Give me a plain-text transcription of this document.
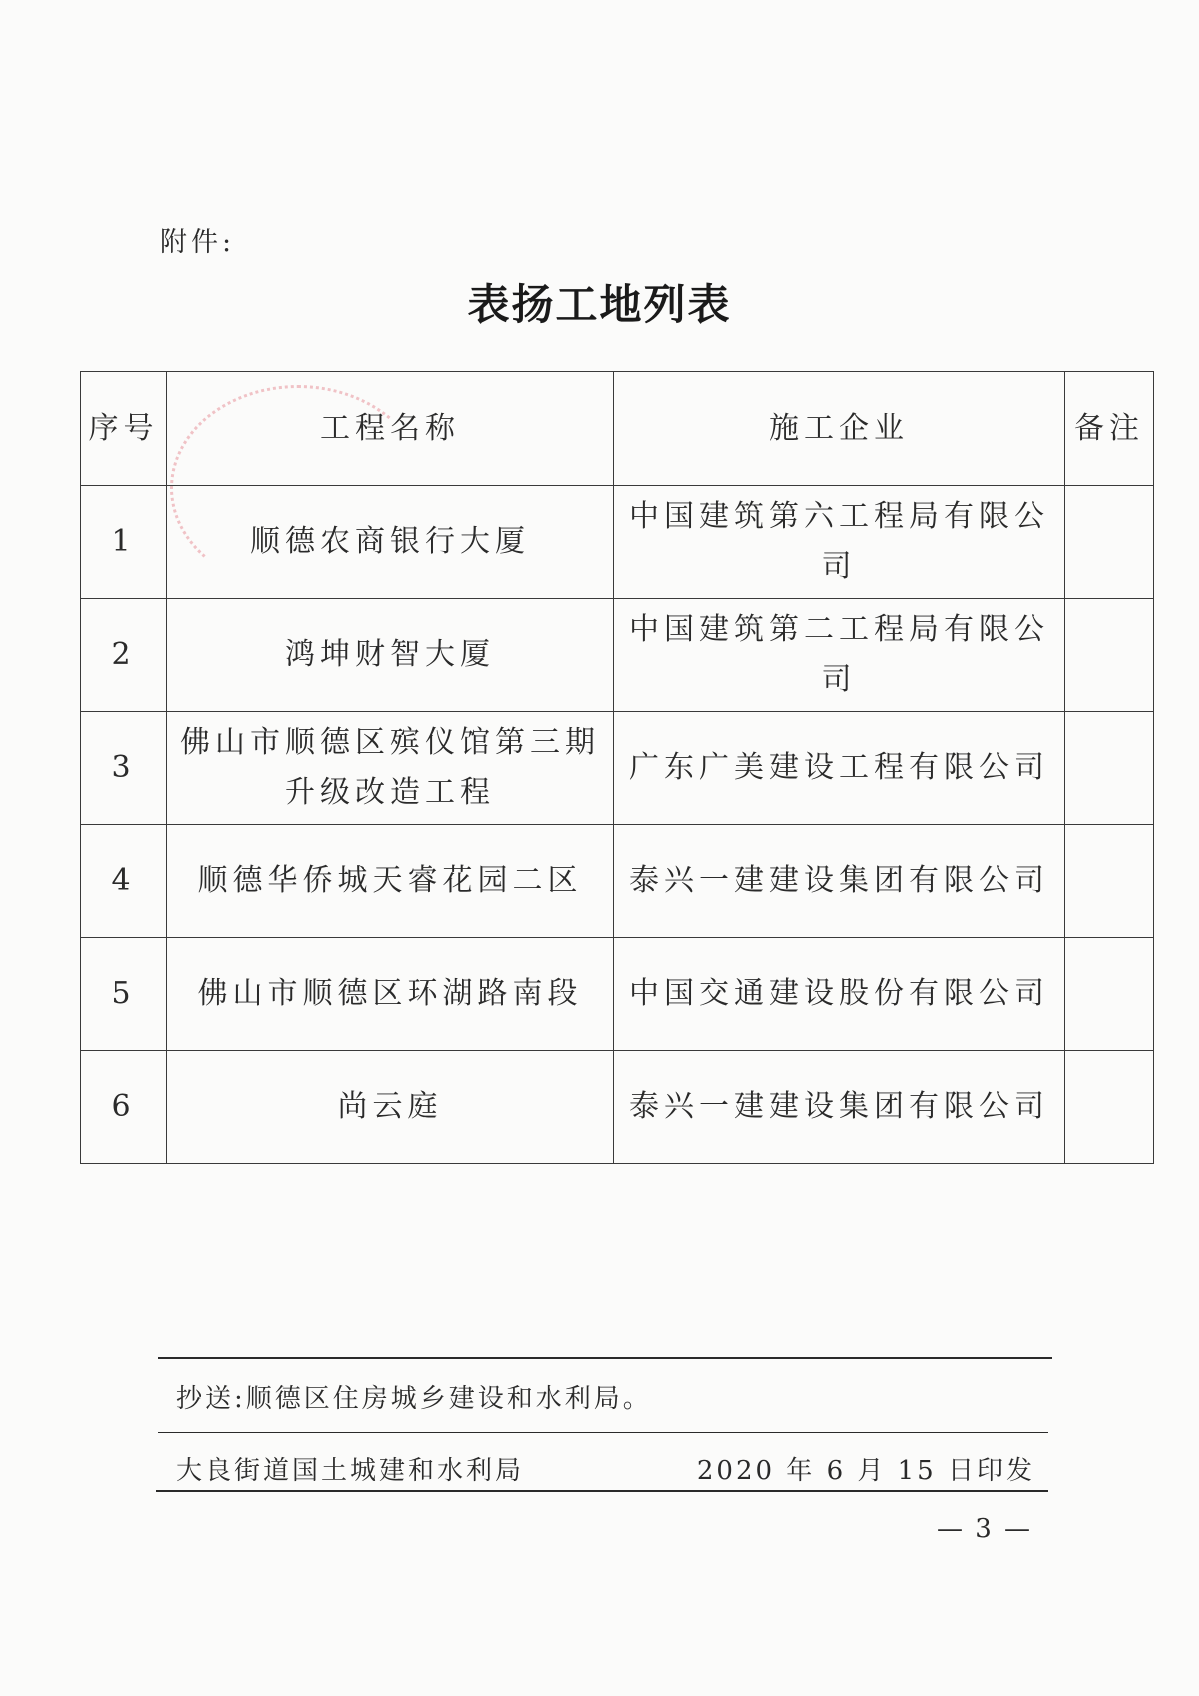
附件:
表扬工地列表
序号	工程名称	施工企业	备注
1	顺德农商银行大厦	中国建筑第六工程局有限公司	
2	鸿坤财智大厦	中国建筑第二工程局有限公司	
3	佛山市顺德区殡仪馆第三期升级改造工程	广东广美建设工程有限公司	
4	顺德华侨城天睿花园二区	泰兴一建建设集团有限公司	
5	佛山市顺德区环湖路南段	中国交通建设股份有限公司	
6	尚云庭	泰兴一建建设集团有限公司	
抄送:顺德区住房城乡建设和水利局。
大良街道国土城建和水利局	2020 年 6 月 15 日印发
— 3 —
